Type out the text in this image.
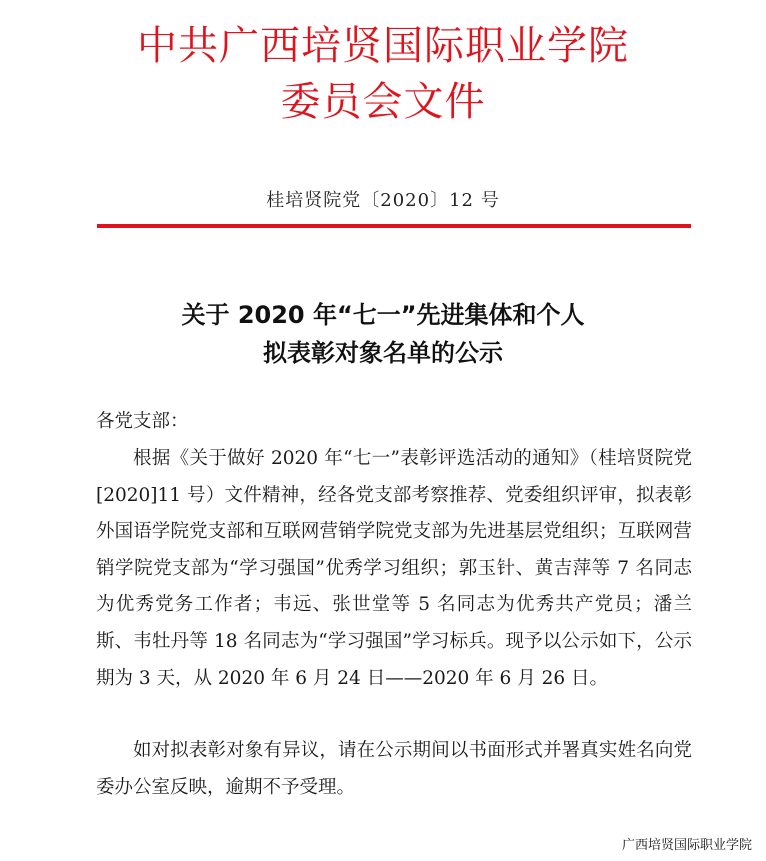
中共广西培贤国际职业学院
委员会文件
桂培贤院党〔2020〕12 号
关于 2020 年“七一”先进集体和个人
拟表彰对象名单的公示
各党支部：
根据《关于做好 2020 年“七一”表彰评选活动的通知》（桂培贤院党[2020]11 号）文件精神，经各党支部考察推荐、党委组织评审，拟表彰外国语学院党支部和互联网营销学院党支部为先进基层党组织；互联网营销学院党支部为“学习强国”优秀学习组织；郭玉针、黄吉萍等 7 名同志为优秀党务工作者；韦远、张世堂等 5 名同志为优秀共产党员；潘兰斯、韦牡丹等 18 名同志为“学习强国”学习标兵。现予以公示如下，公示期为 3 天，从 2020 年 6 月 24 日——2020 年 6 月 26 日。
如对拟表彰对象有异议，请在公示期间以书面形式并署真实姓名向党委办公室反映，逾期不予受理。
广西培贤国际职业学院
